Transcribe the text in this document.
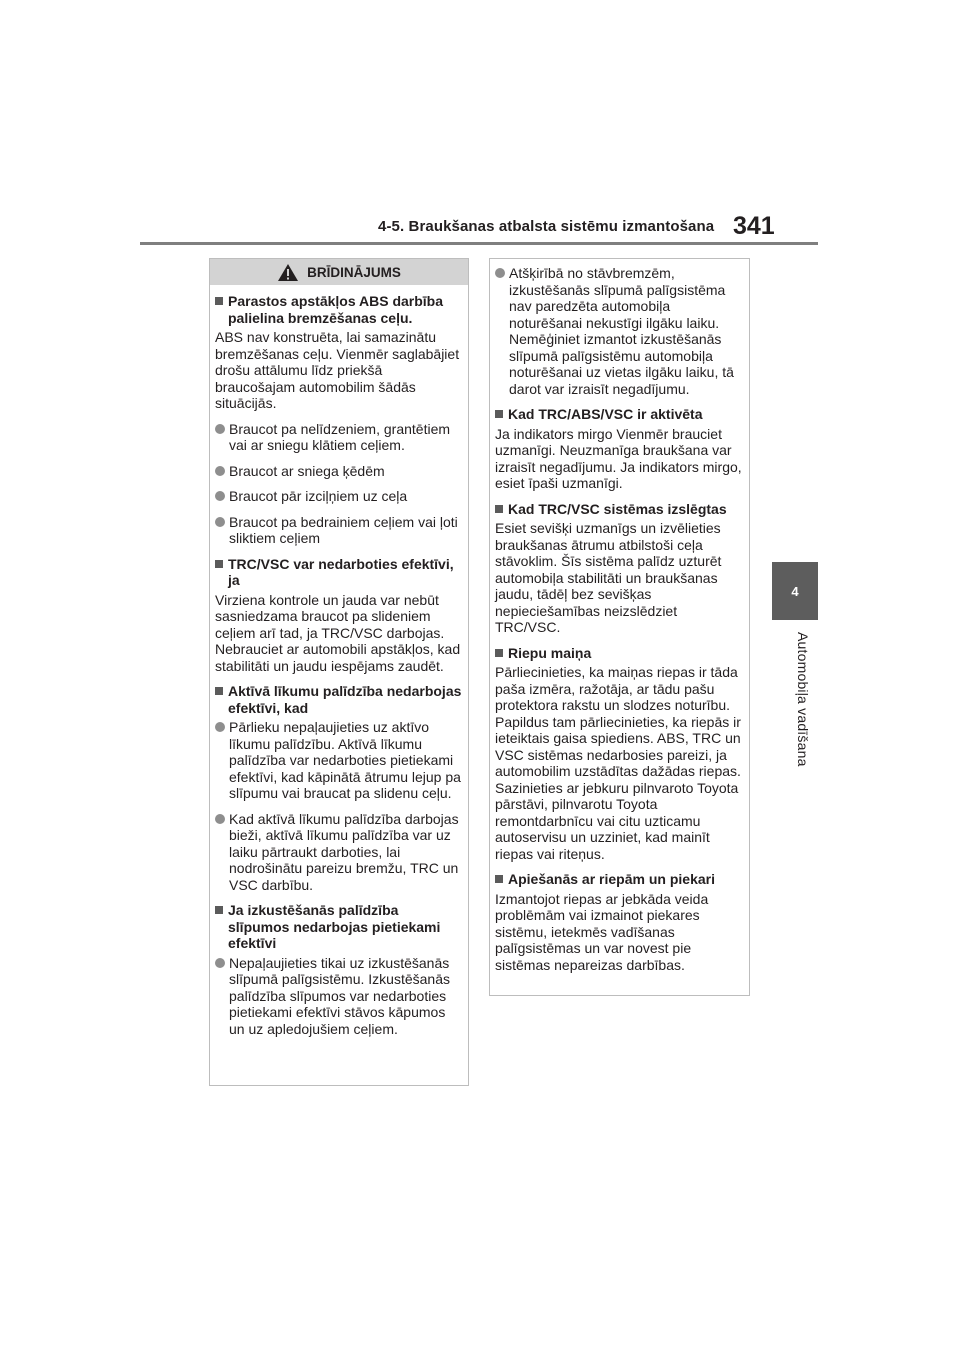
4-5. Braukšanas atbalsta sistēmu izmantošana 341
4
Automobiļa vadīšana
BRĪDINĀJUMS
Parastos apstākļos ABS darbība palielina bremzēšanas ceļu.
ABS nav konstruēta, lai samazinātu bremzēšanas ceļu. Vienmēr saglabājiet drošu attālumu līdz priekšā braucošajam automobilim šādās situācijās.
Braucot pa nelīdzeniem, grantētiem vai ar sniegu klātiem ceļiem.
Braucot ar sniega ķēdēm
Braucot pār izciļņiem uz ceļa
Braucot pa bedrainiem ceļiem vai ļoti sliktiem ceļiem
TRC/VSC var nedarboties efektīvi, ja
Virziena kontrole un jauda var nebūt sasniedzama braucot pa slideniem ceļiem arī tad, ja TRC/VSC darbojas. Nebrauciet ar automobili apstākļos, kad stabilitāti un jaudu iespējams zaudēt.
Aktīvā līkumu palīdzība nedarbojas efektīvi, kad
Pārlieku nepaļaujieties uz aktīvo līkumu palīdzību. Aktīvā līkumu palīdzība var nedarboties pietiekami efektīvi, kad kāpinātā ātrumu lejup pa slīpumu vai braucat pa slidenu ceļu.
Kad aktīvā līkumu palīdzība darbojas bieži, aktīvā līkumu palīdzība var uz laiku pārtraukt darboties, lai nodrošinātu pareizu bremžu, TRC un VSC darbību.
Ja izkustēšanās palīdzība slīpumos nedarbojas pietiekami efektīvi
Nepaļaujieties tikai uz izkustēšanās slīpumā palīgsistēmu. Izkustēšanās palīdzība slīpumos var nedarboties pietiekami efektīvi stāvos kāpumos un uz apledojušiem ceļiem.
Atšķirībā no stāvbremzēm, izkustēšanās slīpumā palīgsistēma nav paredzēta automobiļa noturēšanai nekustīgi ilgāku laiku. Nemēģiniet izmantot izkustēšanās slīpumā palīgsistēmu automobiļa noturēšanai uz vietas ilgāku laiku, tā darot var izraisīt negadījumu.
Kad TRC/ABS/VSC ir aktivēta
Ja indikators mirgo Vienmēr brauciet uzmanīgi. Neuzmanīga braukšana var izraisīt negadījumu. Ja indikators mirgo, esiet īpaši uzmanīgi.
Kad TRC/VSC sistēmas izslēgtas
Esiet sevišķi uzmanīgs un izvēlieties braukšanas ātrumu atbilstoši ceļa stāvoklim. Šīs sistēma palīdz uzturēt automobiļa stabilitāti un braukšanas jaudu, tādēļ bez sevišķas nepieciešamības neizslēdziet TRC/VSC.
Riepu maiņa
Pārliecinieties, ka maiņas riepas ir tāda paša izmēra, ražotāja, ar tādu pašu protektora rakstu un slodzes noturību. Papildus tam pārliecinieties, ka riepās ir ieteiktais gaisa spiediens. ABS, TRC un VSC sistēmas nedarbosies pareizi, ja automobilim uzstādītas dažādas riepas. Sazinieties ar jebkuru pilnvaroto Toyota pārstāvi, pilnvarotu Toyota remontdarbnīcu vai citu uzticamu autoservisu un uzziniet, kad mainīt riepas vai riteņus.
Apiešanās ar riepām un piekari
Izmantojot riepas ar jebkāda veida problēmām vai izmainot piekares sistēmu, ietekmēs vadīšanas palīgsistēmas un var novest pie sistēmas nepareizas darbības.
